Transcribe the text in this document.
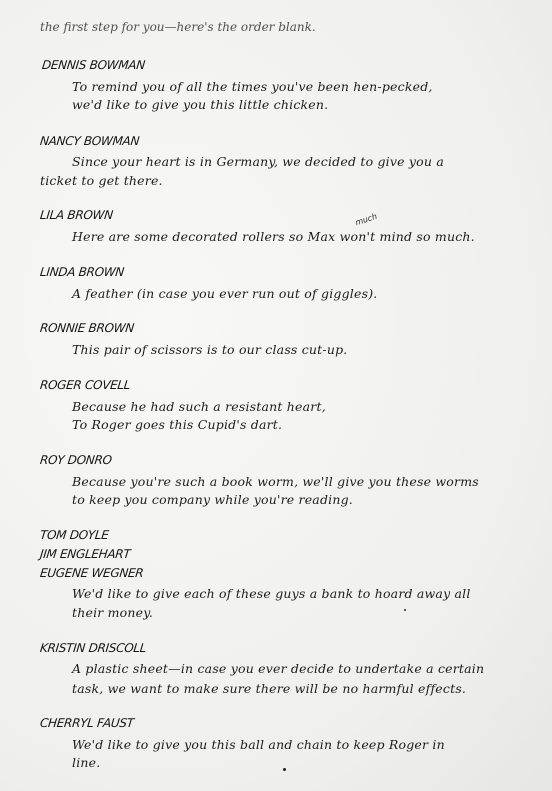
the first step for you—here's the order blank.
DENNIS BOWMAN
To remind you of all the times you've been hen-pecked,
we'd like to give you this little chicken.
NANCY BOWMAN
Since your heart is in Germany, we decided to give you a
ticket to get there.
LILA BROWN
Here are some decorated rollers so Max won't mind so much.
much
LINDA BROWN
A feather (in case you ever run out of giggles).
RONNIE BROWN
This pair of scissors is to our class cut-up.
ROGER COVELL
Because he had such a resistant heart,
To Roger goes this Cupid's dart.
ROY DONRO
Because you're such a book worm, we'll give you these worms
to keep you company while you're reading.
TOM DOYLE
JIM ENGLEHART
EUGENE WEGNER
We'd like to give each of these guys a bank to hoard away all
their money.
KRISTIN DRISCOLL
A plastic sheet—in case you ever decide to undertake a certain
task, we want to make sure there will be no harmful effects.
CHERRYL FAUST
We'd like to give you this ball and chain to keep Roger in
line.
